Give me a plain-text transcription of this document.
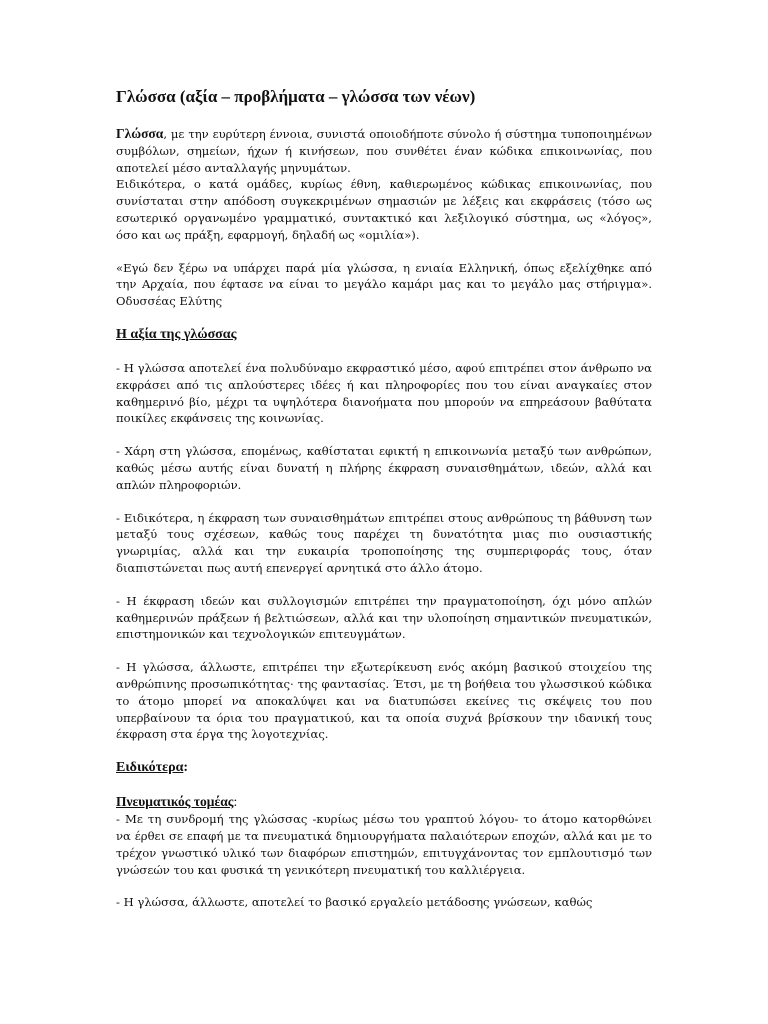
Γλώσσα (αξία – προβλήματα – γλώσσα των νέων)

Γλώσσα, με την ευρύτερη έννοια, συνιστά οποιοδήποτε σύνολο ή σύστημα τυποποιημένων συμβόλων, σημείων, ήχων ή κινήσεων, που συνθέτει έναν κώδικα επικοινωνίας, που αποτελεί μέσο ανταλλαγής μηνυμάτων.

Ειδικότερα, ο κατά ομάδες, κυρίως έθνη, καθιερωμένος κώδικας επικοινωνίας, που συνίσταται στην απόδοση συγκεκριμένων σημασιών με λέξεις και εκφράσεις (τόσο ως εσωτερικό οργανωμένο γραμματικό, συντακτικό και λεξιλογικό σύστημα, ως «λόγος», όσο και ως πράξη, εφαρμογή, δηλαδή ως «ομιλία»).

«Εγώ δεν ξέρω να υπάρχει παρά μία γλώσσα, η ενιαία Ελληνική, όπως εξελίχθηκε από την Αρχαία, που έφτασε να είναι το μεγάλο καμάρι μας και το μεγάλο μας στήριγμα». Οδυσσέας Ελύτης

Η αξία της γλώσσας

- Η γλώσσα αποτελεί ένα πολυδύναμο εκφραστικό μέσο, αφού επιτρέπει στον άνθρωπο να εκφράσει από τις απλούστερες ιδέες ή και πληροφορίες που του είναι αναγκαίες στον καθημερινό βίο, μέχρι τα υψηλότερα διανοήματα που μπορούν να επηρεάσουν βαθύτατα ποικίλες εκφάνσεις της κοινωνίας.

- Χάρη στη γλώσσα, επομένως, καθίσταται εφικτή η επικοινωνία μεταξύ των ανθρώπων, καθώς μέσω αυτής είναι δυνατή η πλήρης έκφραση συναισθημάτων, ιδεών, αλλά και απλών πληροφοριών.

- Ειδικότερα, η έκφραση των συναισθημάτων επιτρέπει στους ανθρώπους τη βάθυνση των μεταξύ τους σχέσεων, καθώς τους παρέχει τη δυνατότητα μιας πιο ουσιαστικής γνωριμίας, αλλά και την ευκαιρία τροποποίησης της συμπεριφοράς τους, όταν διαπιστώνεται πως αυτή επενεργεί αρνητικά στο άλλο άτομο.

- Η έκφραση ιδεών και συλλογισμών επιτρέπει την πραγματοποίηση, όχι μόνο απλών καθημερινών πράξεων ή βελτιώσεων, αλλά και την υλοποίηση σημαντικών πνευματικών, επιστημονικών και τεχνολογικών επιτευγμάτων.

- Η γλώσσα, άλλωστε, επιτρέπει την εξωτερίκευση ενός ακόμη βασικού στοιχείου της ανθρώπινης προσωπικότητας· της φαντασίας. Έτσι, με τη βοήθεια του γλωσσικού κώδικα το άτομο μπορεί να αποκαλύψει και να διατυπώσει εκείνες τις σκέψεις του που υπερβαίνουν τα όρια του πραγματικού, και τα οποία συχνά βρίσκουν την ιδανική τους έκφραση στα έργα της λογοτεχνίας.

Ειδικότερα:

Πνευματικός τομέας:

- Με τη συνδρομή της γλώσσας -κυρίως μέσω του γραπτού λόγου- το άτομο κατορθώνει να έρθει σε επαφή με τα πνευματικά δημιουργήματα παλαιότερων εποχών, αλλά και με το τρέχον γνωστικό υλικό των διαφόρων επιστημών, επιτυγχάνοντας τον εμπλουτισμό των γνώσεών του και φυσικά τη γενικότερη πνευματική του καλλιέργεια.

- Η γλώσσα, άλλωστε, αποτελεί το βασικό εργαλείο μετάδοσης γνώσεων, καθώς
